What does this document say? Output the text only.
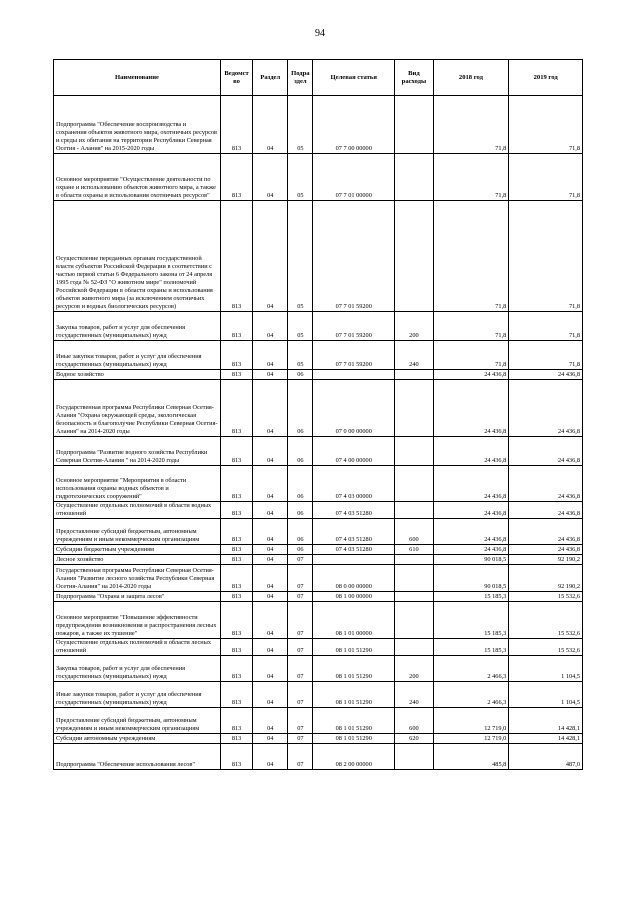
94
Наименование	Ведомст во	Раздел	Подра здел	Целевая статья	Вид расходы	2018 год	2019 год
Подпрограмма "Обеспечение воспроизводства и сохранения объектов животного мира, охотничьих ресурсов и среды их обитания на территории Республики Северная Осетия - Алания" на 2015-2020 годы	813	04	05	07 7 00 00000		71,8	71,8
Основное мероприятие "Осуществление деятельности по охране и использованию объектов животного мира, а также в области охраны и использования охотничьих ресурсов"	813	04	05	07 7 01 00000		71,8	71,8
Осуществление переданных органам государственной власти субъектов Российской Федерации в соответствии с частью первой статьи 6 Федерального закона от 24 апреля 1995 года № 52-ФЗ "О животном мире" полномочий Российской Федерации в области охраны и использования объектов животного мира (за исключением охотничьих ресурсов и водных биологических ресурсов)	813	04	05	07 7 01 59200		71,8	71,8
Закупка товаров, работ и услуг для обеспечения государственных (муниципальных) нужд	813	04	05	07 7 01 59200	200	71,8	71,8
Иные закупки товаров, работ и услуг для обеспечения государственных (муниципальных) нужд	813	04	05	07 7 01 59200	240	71,8	71,8
Водное хозяйство	813	04	06			24 436,8	24 436,8
Государственная программа Республики Северная Осетия-Алания "Охрана окружающей среды, экологическая безопасность и благополучие Республики Северная Осетия-Алания" на 2014-2020 годы	813	04	06	07 0 00 00000		24 436,8	24 436,8
Подпрограмма "Развитие водного хозяйства Республики Северная Осетия-Алания " на 2014-2020 годы	813	04	06	07 4 00 00000		24 436,8	24 436,8
Основное мероприятие "Мероприятия в области использования охраны водных объектов и гидротехнических сооружений"	813	04	06	07 4 03 00000		24 436,8	24 436,8
Осуществление отдельных полномочий в области водных отношений	813	04	06	07 4 03 51280		24 436,8	24 436,8
Предоставление субсидий бюджетным, автономным учреждениям и иным некоммерческим организациям	813	04	06	07 4 03 51280	600	24 436,8	24 436,8
Субсидии бюджетным учреждениям	813	04	06	07 4 03 51280	610	24 436,8	24 436,8
Лесное хозяйство	813	04	07			90 018,5	92 190,2
Государственная программа Республики Северная Осетия-Алания "Развитие лесного хозяйства Республики Северная Осетия-Алания" на 2014-2020 годы	813	04	07	08 0 00 00000		90 018,5	92 190,2
Подпрограмма "Охрана и защита лесов"	813	04	07	08 1 00 00000		15 185,3	15 532,6
Основное мероприятие "Повышение эффективности предупреждения возникновения и распространения лесных пожаров, а также их тушение"	813	04	07	08 1 01 00000		15 185,3	15 532,6
Осуществление отдельных полномочий в области лесных отношений	813	04	07	08 1 01 51290		15 185,3	15 532,6
Закупка товаров, работ и услуг для обеспечения государственных (муниципальных) нужд	813	04	07	08 1 01 51290	200	2 466,3	1 104,5
Иные закупки товаров, работ и услуг для обеспечения государственных (муниципальных) нужд	813	04	07	08 1 01 51290	240	2 466,3	1 104,5
Предоставление субсидий бюджетным, автономным учреждениям и иным некоммерческим организациям	813	04	07	08 1 01 51290	600	12 719,0	14 428,1
Субсидии автономным учреждениям	813	04	07	08 1 01 51290	620	12 719,0	14 428,1
Подпрограмма "Обеспечение использования лесов"	813	04	07	08 2 00 00000		485,8	487,0
